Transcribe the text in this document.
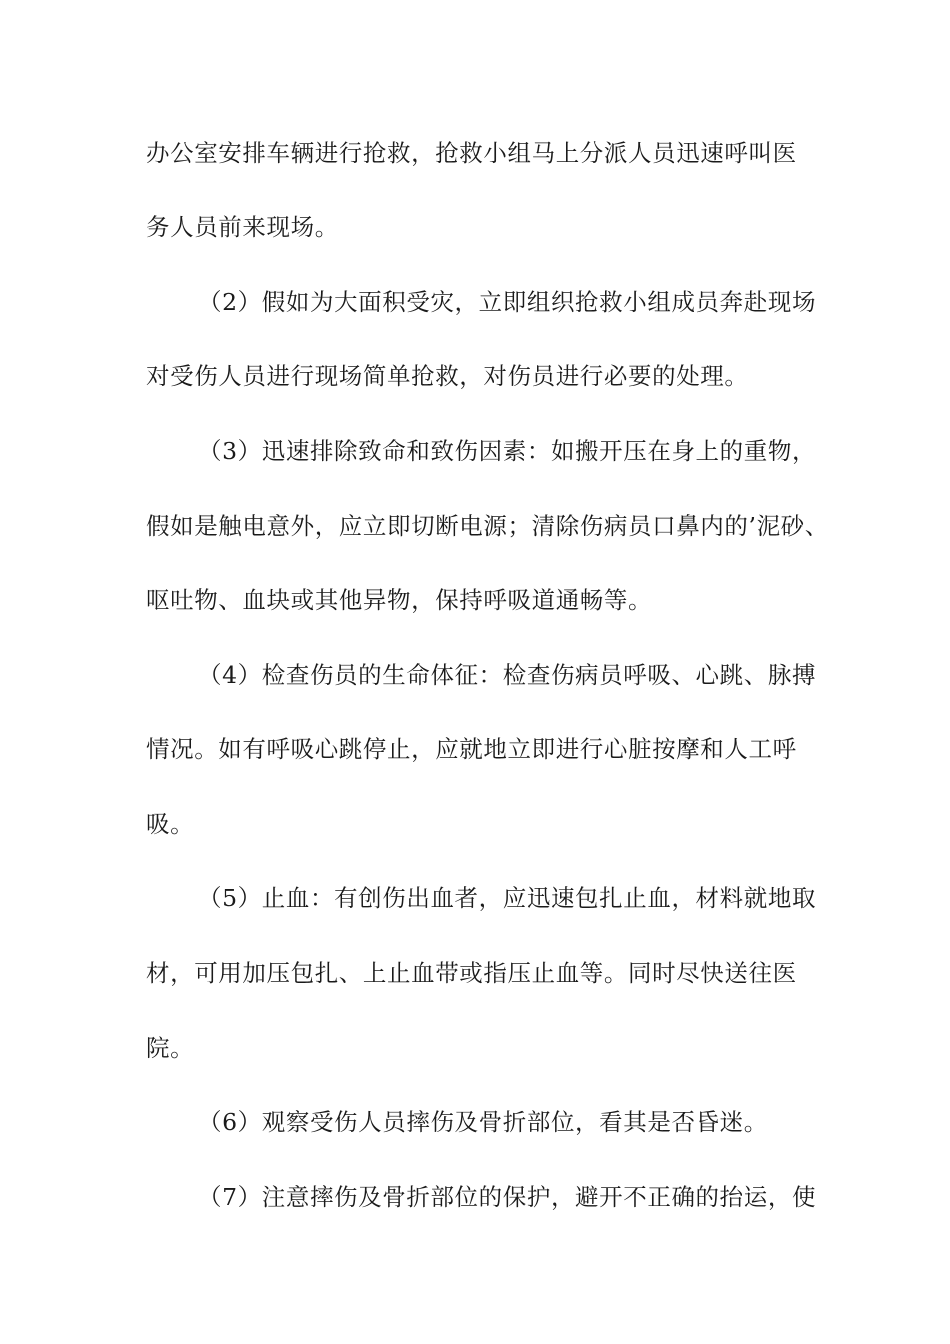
办公室安排车辆进行抢救，抢救小组马上分派人员迅速呼叫医
务人员前来现场。
（2）假如为大面积受灾，立即组织抢救小组成员奔赴现场
对受伤人员进行现场简单抢救，对伤员进行必要的处理。
（3）迅速排除致命和致伤因素：如搬开压在身上的重物，
假如是触电意外，应立即切断电源；清除伤病员口鼻内的’泥砂、
呕吐物、血块或其他异物，保持呼吸道通畅等。
（4）检查伤员的生命体征：检查伤病员呼吸、心跳、脉搏
情况。如有呼吸心跳停止，应就地立即进行心脏按摩和人工呼
吸。
（5）止血：有创伤出血者，应迅速包扎止血，材料就地取
材，可用加压包扎、上止血带或指压止血等。同时尽快送往医
院。
（6）观察受伤人员摔伤及骨折部位，看其是否昏迷。
（7）注意摔伤及骨折部位的保护，避开不正确的抬运，使
